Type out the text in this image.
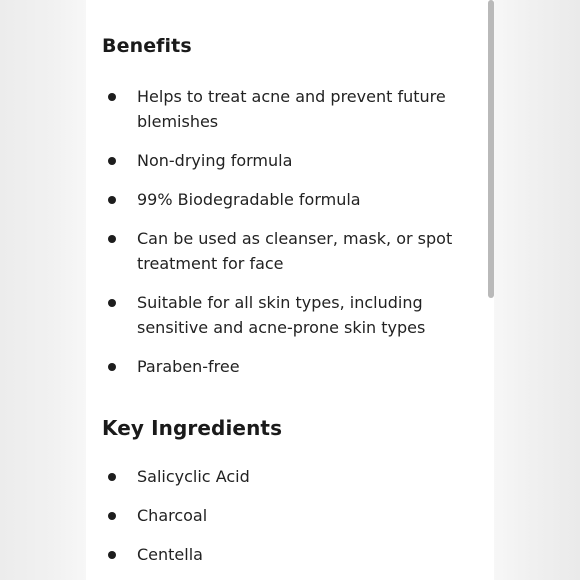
Benefits
Helps to treat acne and prevent future blemishes
Non-drying formula
99% Biodegradable formula
Can be used as cleanser, mask, or spot treatment for face
Suitable for all skin types, including sensitive and acne-prone skin types
Paraben-free
Key Ingredients
Salicyclic Acid
Charcoal
Centella
